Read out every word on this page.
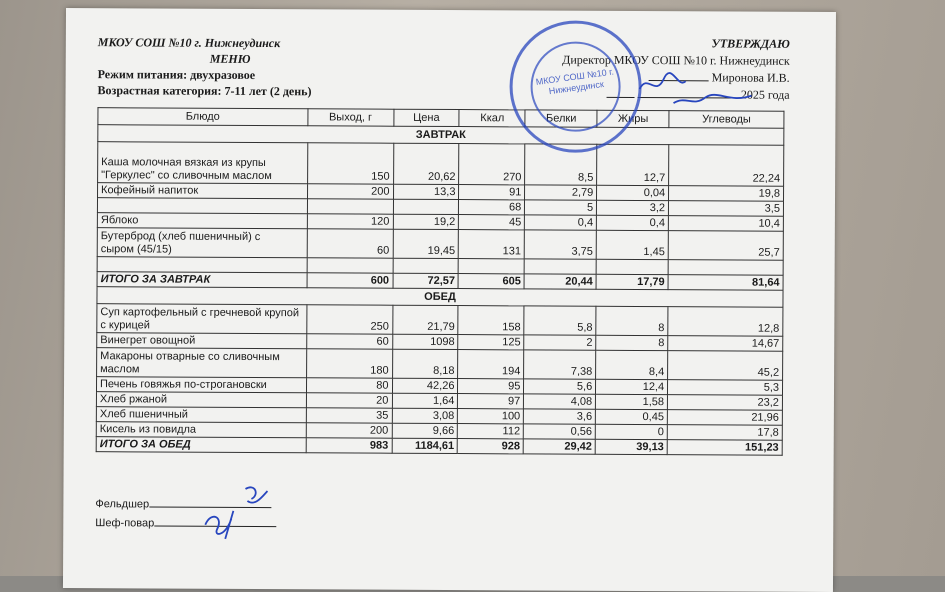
МКОУ СОШ №10 г. Нижнеудинск
МЕНЮ
Режим питания: двухразовое
Возрастная категория: 7-11 лет (2 день)
УТВЕРЖДАЮ
Директор МКОУ СОШ №10 г. Нижнеудинск
Миронова И.В.
2025 года
Блюдо	Выход, г	Цена	Ккал	Белки	Жиры	Углеводы
ЗАВТРАК						
Каша молочная вязкая из крупы
"Геркулес" со сливочным маслом	150	20,62	270	8,5	12,7	22,24
Кофейный напиток	200	13,3	91	2,79	0,04	19,8
			68	5	3,2	3,5
Яблоко	120	19,2	45	0,4	0,4	10,4
Бутерброд (хлеб пшеничный) с
сыром (45/15)	60	19,45	131	3,75	1,45	25,7

ИТОГО ЗА ЗАВТРАК	600	72,57	605	20,44	17,79	81,64
ОБЕД						
Суп картофельный с гречневой крупой
с курицей	250	21,79	158	5,8	8	12,8
Винегрет овощной	60	1098	125	2	8	14,67
Макароны отварные со сливочным
маслом	180	8,18	194	7,38	8,4	45,2
Печень говяжья по-строгановски	80	42,26	95	5,6	12,4	5,3
Хлеб ржаной	20	1,64	97	4,08	1,58	23,2
Хлеб пшеничный	35	3,08	100	3,6	0,45	21,96
Кисель из повидла	200	9,66	112	0,56	0	17,8
ИТОГО ЗА ОБЕД	983	1184,61	928	29,42	39,13	151,23
Фельдшер
Шеф-повар
МКОУ СОШ №10 г. Нижнеудинск
